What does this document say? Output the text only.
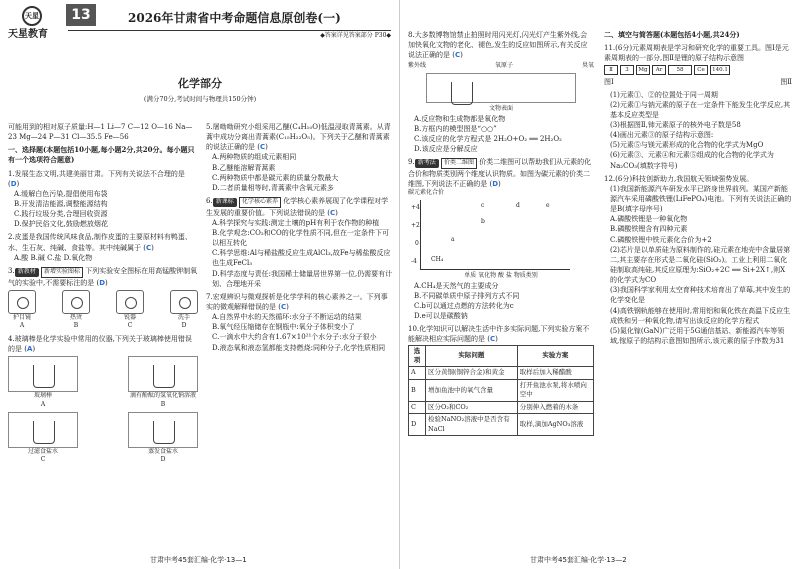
天星
天星教育
13	2026年甘肃省中考命题信息原创卷(一)
◆答案详见答案部分 P30◆
化学部分
(满分70分,考试时间与物理共150分钟)
可能用到的相对原子质量:H—1 Li—7 C—12 O—16 Na—23 Mg—24 P—31 Cl—35.5 Fe—56
一、选择题(本题包括10小题,每小题2分,共20分。每小题只有一个选项符合题意)
1.发展生态文明,共建美丽甘肃。下列有关说法不合理的是 (D)
A.缓解白色污染,提倡使用布袋
B.开发清洁能源,调整能源结构
C.践行垃圾分类,合理回收资源
D.保护民俗文化,鼓励燃放烟花
2.皮蛋是我国传统风味食品,制作皮蛋的主要原材料有鸭蛋、水、生石灰、纯碱、食盐等。其中纯碱属于 (C)
A.酸 B.碱 C.盐 D.氧化物
3. 新教材 新增实验图标 下列实验安全图标在用高锰酸钾制氧气的实验中,不需要标注的是 (D)
护目镜
A
热烫
B
锐器
C
洗手
D
4.玻璃棒是化学实验中常用的仪器,下列关于玻璃棒使用错误的是 (A)
玻璃棒
A
滴有酚酞的氢氧化钠溶液
B
过滤食盐水
C
蒸发食盐水
D
5.屠呦呦研究小组采用乙醚(C₄H₁₀O)低温浸取青蒿素。从青蒿中成功分离出青蒿素(C₁₅H₂₂O₅)。下列关于乙醚和青蒿素的说法正确的是 (C)
A.两种物质的组成元素相同
B.乙醚能溶解青蒿素
C.两种物质中都是碳元素的质量分数最大
D.二者质量相等时,青蒿素中含氧元素多
6. 新课标 化学核心素养 化学核心素养展现了化学课程对学生发展的重要价值。下列说法错误的是 (C)
A.科学探究与实践:测定土壤的pH有利于农作物的种植
B.化学观念:CO₂和CO的化学性质不同,但在一定条件下可以相互转化
C.科学思维:Al与稀盐酸反应生成AlCl₃,故Fe与稀盐酸反应也生成FeCl₃
D.科学态度与责任:我国稀土储量居世界第一位,仍需要有计划、合理地开采
7.宏观辨识与微观探析是化学学科的核心素养之一。下列事实的微观解释错误的是 (C)
A.自然界中水的天然循环:水分子不断运动的结果
B.氧气经压缩储存在钢瓶中:氧分子体积变小了
C.一滴水中大约含有1.67×10²¹个水分子:水分子很小
D.液态氧和液态氢都能支持燃烧:同种分子,化学性质相同
甘肃中考45套汇编·化学·13—1
8.大多数博物馆禁止拍照时用闪光灯,闪光灯产生紫外线,会加快氧化文物的老化、褪色,发生的反应如图所示,有关反应说法正确的是 (C)
紫外线	氧原子	臭氧
文物表面
A.反应物和生成物都是氧化物
B.方框内的模型图是“○○”
C.该反应的化学方程式是 2H₂O+O₂ ══ 2H₂O₂
D.该反应是分解反应
9. 新考法 价类二维图 价类二维图可以帮助我们从元素的化合价和物质类别两个维度认识物质。如图为碳元素的价类二维图,下列说法不正确的是 (D)
碳元素化合价
+4
+2
0
-4 CH₄
a
b
c	d	e
单质 氧化物 酸 盐 物质类别
A.CH₄是天然气的主要成分
B.不同碳单质中原子排列方式不同
C.b可以通过点燃的方法转化为c
D.e可以是碳酸钠
10.化学知识可以解决生活中许多实际问题,下列实验方案不能解决相应实际问题的是 (C)
选项	实际问题	实验方案
A	区分黄铜(铜锌合金)和黄金	取样后加入稀醋酸
B	增加鱼池中的氧气含量	打开鱼池水泵,将水喷向空中
C	区分O₂和CO₂	分别伸入燃着的木条
D	检验NaNO₂溶液中是否含有NaCl	取样,滴加AgNO₃溶液
二、填空与简答题(本题包括4小题,共24分)
11.(6分)元素周期表是学习和研究化学的重要工具。图Ⅰ是元素周期表的一部分,图Ⅱ是锂的原子结构示意图
Ⅱ	3	Mg	Ar	58	Ce	140.1
图Ⅰ	图Ⅱ
(1)元素①、②的位置处于同一周期
(2)元素①与钠元素的原子在一定条件下能发生化学反应,其基本反应类型是
(3)根据图Ⅱ,铈元素原子的核外电子数是58
(4)画出元素③的原子结构示意图:
(5)元素⑤与镁元素形成的化合物的化学式为MgO
(6)元素③、元素④和元素⑤组成的化合物的化学式为Na₂CO₃(填数字符号)
12.(6分)科技创新助力,我国航天领域强势发展。
(1)我国新能源汽车研发水平已跻身世界前列。某国产新能源汽车采用磷酸铁锂(LiFePO₄)电池。下列有关说法正确的是B(填字母序号)
A.磷酸铁锂是一种氧化物
B.磷酸铁锂含有四种元素
C.磷酸铁锂中铁元素化合价为+2
(2)芯片是以单质硅为原料制作的,硅元素在地壳中含量居第二,其主要存在形式是二氧化硅(SiO₂)。工业上利用二氧化硅制取高纯硅,其反应原理为:SiO₂+2C ══ Si+2X↑,则X的化学式为CO
(3)我国科学家利用太空育种技术培育出了草莓,其中发生的化学变化是
(4)高铁钢轨能够在使用时,常用铝和氧化铁在高温下反应生成铁和另一种氧化物,请写出该反应的化学方程式
(5)氮化镓(GaN)广泛用于5G通信基站、新能源汽车等领域,镓原子的结构示意图如图所示,该元素的原子序数为31
甘肃中考45套汇编·化学·13—2
